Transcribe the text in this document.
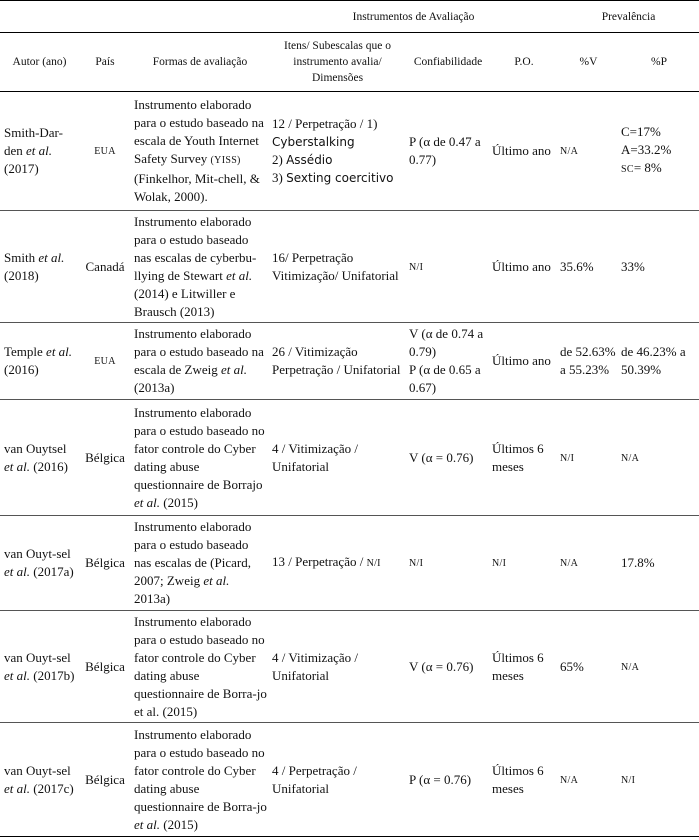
			Instrumentos de Avaliação			Prevalência	
Autor (ano)	País	Formas de avaliação	Itens/ Subescalas que o instrumento avalia/ Dimensões	Confiabilidade	P.O.	%V	%P
Smith-Dar-den et al. (2017)	EUA	Instrumento elaborado para o estudo baseado na escala de Youth Internet Safety Survey (YISS) (Finkelhor, Mit-chell, & Wolak, 2000).	12 / Perpetração / 1) Cyberstalking
2) Assédio
3) Sexting coercitivo	P (α de 0.47 a 0.77)	Último ano	N/A	C=17%
A=33.2%
SC= 8%
Smith et al. (2018)	Canadá	Instrumento elaborado para o estudo baseado nas escalas de cyberbu-llying de Stewart et al. (2014) e Litwiller e Brausch (2013)	16/ Perpetração Vitimização/ Unifatorial	N/I	Último ano	35.6%	33%
Temple et al. (2016)	EUA	Instrumento elaborado para o estudo baseado na escala de Zweig et al. (2013a)	26 / Vitimização Perpetração / Unifatorial	V (α de 0.74 a 0.79)
P (α de 0.65 a 0.67)	Último ano	de 52.63% a 55.23%	de 46.23% a 50.39%
van Ouytsel et al. (2016)	Bélgica	Instrumento elaborado para o estudo baseado no fator controle do Cyber dating abuse questionnaire de Borrajo et al. (2015)	4 / Vitimização / Unifatorial	V (α = 0.76)	Últimos 6 meses	N/I	N/A
van Ouyt-sel et al. (2017a)	Bélgica	Instrumento elaborado para o estudo baseado nas escalas de (Picard, 2007; Zweig et al. 2013a)	13 / Perpetração / N/I	N/I	N/I	N/A	17.8%
van Ouyt-sel et al. (2017b)	Bélgica	Instrumento elaborado para o estudo baseado no fator controle do Cyber dating abuse questionnaire de Borra-jo et al. (2015)	4 / Vitimização / Unifatorial	V (α = 0.76)	Últimos 6 meses	65%	N/A
van Ouyt-sel et al. (2017c)	Bélgica	Instrumento elaborado para o estudo baseado no fator controle do Cyber dating abuse questionnaire de Borra-jo et al. (2015)	4 / Perpetração / Unifatorial	P (α = 0.76)	Últimos 6 meses	N/A	N/I
